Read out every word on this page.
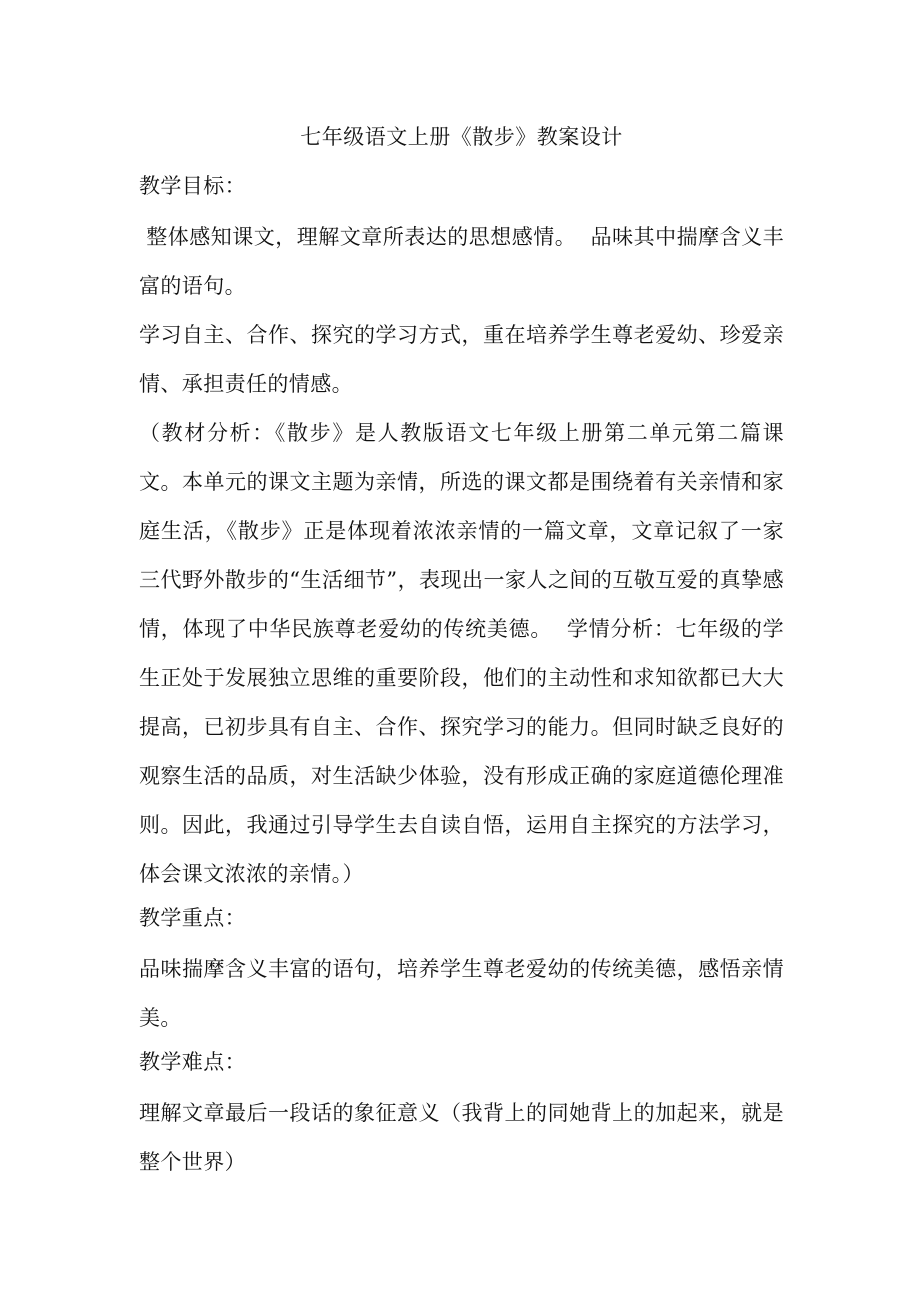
七年级语文上册《散步》教案设计
教学目标：

整体感知课文，理解文章所表达的思想感情。  品味其中揣摩含义丰富的语句。

学习自主、合作、探究的学习方式，重在培养学生尊老爱幼、珍爱亲情、承担责任的情感。

（教材分析：《散步》是人教版语文七年级上册第二单元第二篇课文。本单元的课文主题为亲情，所选的课文都是围绕着有关亲情和家庭生活，《散步》正是体现着浓浓亲情的一篇文章，文章记叙了一家三代野外散步的“生活细节”，表现出一家人之间的互敬互爱的真挚感情，体现了中华民族尊老爱幼的传统美德。  学情分析：七年级的学生正处于发展独立思维的重要阶段，他们的主动性和求知欲都已大大提高，已初步具有自主、合作、探究学习的能力。但同时缺乏良好的观察生活的品质，对生活缺少体验，没有形成正确的家庭道德伦理准则。因此，我通过引导学生去自读自悟，运用自主探究的方法学习，体会课文浓浓的亲情。）

教学重点：

品味揣摩含义丰富的语句，培养学生尊老爱幼的传统美德，感悟亲情美。

教学难点：

理解文章最后一段话的象征意义（我背上的同她背上的加起来，就是整个世界）
